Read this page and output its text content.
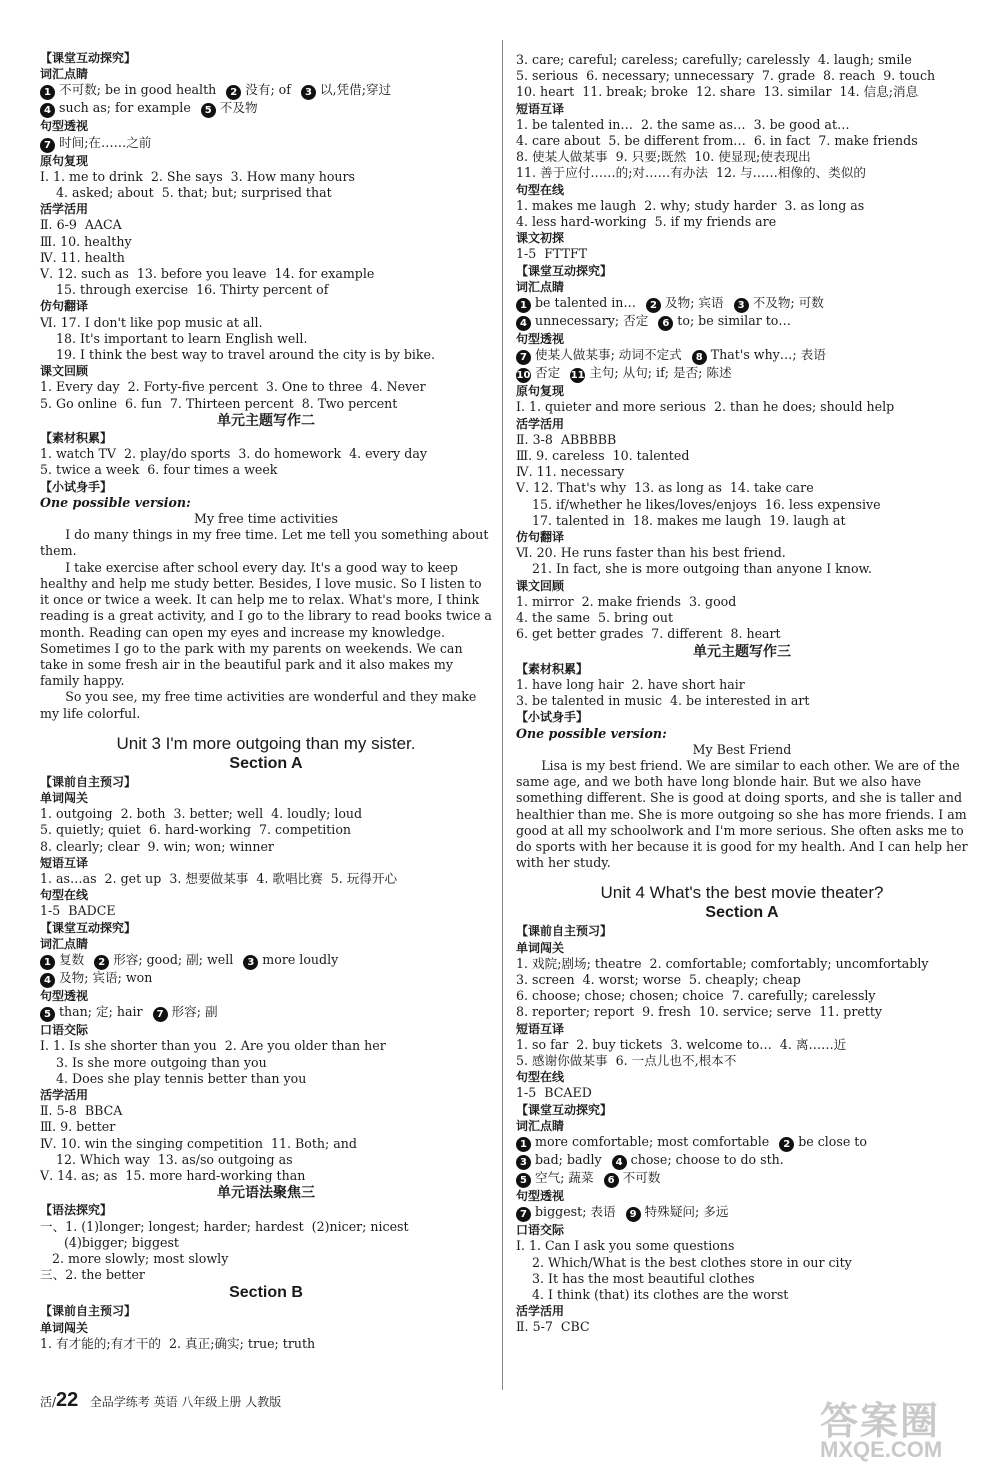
【课堂互动探究】
词汇点睛
1 不可数; be in good health 2 没有; of 3 以,凭借;穿过
4 such as; for example 5 不及物
句型透视
7 时间;在……之前
原句复现
Ⅰ. 1. me to drink  2. She says  3. How many hours
4. asked; about  5. that; but; surprised that
活学活用
Ⅱ. 6-9  AACA
Ⅲ. 10. healthy
Ⅳ. 11. health
Ⅴ. 12. such as  13. before you leave  14. for example
15. through exercise  16. Thirty percent of
仿句翻译
Ⅵ. 17. I don't like pop music at all.
18. It's important to learn English well.
19. I think the best way to travel around the city is by bike.
课文回顾
1. Every day  2. Forty-five percent  3. One to three  4. Never
5. Go online  6. fun  7. Thirteen percent  8. Two percent
单元主题写作二
【素材积累】
1. watch TV  2. play/do sports  3. do homework  4. every day
5. twice a week  6. four times a week
【小试身手】
One possible version:
My free time activities
I do many things in my free time. Let me tell you something about them.
I take exercise after school every day. It's a good way to keep healthy and help me study better. Besides, I love music. So I listen to it once or twice a week. It can help me to relax. What's more, I think reading is a great activity, and I go to the library to read books twice a month. Reading can open my eyes and increase my knowledge. Sometimes I go to the park with my parents on weekends. We can take in some fresh air in the beautiful park and it also makes my family happy.
So you see, my free time activities are wonderful and they make my life colorful.
Unit 3 I'm more outgoing than my sister.
Section A
【课前自主预习】
单词闯关
1. outgoing  2. both  3. better; well  4. loudly; loud
5. quietly; quiet  6. hard-working  7. competition
8. clearly; clear  9. win; won; winner
短语互译
1. as…as  2. get up  3. 想要做某事  4. 歌唱比赛  5. 玩得开心
句型在线
1-5  BADCE
【课堂互动探究】
词汇点睛
1 复数 2 形容; good; 副; well 3 more loudly
4 及物; 宾语; won
句型透视
5 than; 定; hair 7 形容; 副
口语交际
Ⅰ. 1. Is she shorter than you  2. Are you older than her
3. Is she more outgoing than you
4. Does she play tennis better than you
活学活用
Ⅱ. 5-8  BBCA
Ⅲ. 9. better
Ⅳ. 10. win the singing competition  11. Both; and
12. Which way  13. as/so outgoing as
Ⅴ. 14. as; as  15. more hard-working than
单元语法聚焦三
【语法探究】
一、1. (1)longer; longest; harder; hardest  (2)nicer; nicest
(4)bigger; biggest
2. more slowly; most slowly
三、2. the better
Section B
【课前自主预习】
单词闯关
1. 有才能的;有才干的  2. 真正;确实; true; truth
3. care; careful; careless; carefully; carelessly  4. laugh; smile
5. serious  6. necessary; unnecessary  7. grade  8. reach  9. touch
10. heart  11. break; broke  12. share  13. similar  14. 信息;消息
短语互译
1. be talented in…  2. the same as…  3. be good at…
4. care about  5. be different from…  6. in fact  7. make friends
8. 使某人做某事  9. 只要;既然  10. 使显现;使表现出
11. 善于应付……的;对……有办法  12. 与……相像的、类似的
句型在线
1. makes me laugh  2. why; study harder  3. as long as
4. less hard-working  5. if my friends are
课文初探
1-5  FTTFT
【课堂互动探究】
词汇点睛
1 be talented in… 2 及物; 宾语 3 不及物; 可数
4 unnecessary; 否定 6 to; be similar to…
句型透视
7 使某人做某事; 动词不定式 8 That's why…; 表语
10 否定 11 主句; 从句; if; 是否; 陈述
原句复现
Ⅰ. 1. quieter and more serious  2. than he does; should help
活学活用
Ⅱ. 3-8  ABBBBB
Ⅲ. 9. careless  10. talented
Ⅳ. 11. necessary
Ⅴ. 12. That's why  13. as long as  14. take care
15. if/whether he likes/loves/enjoys  16. less expensive
17. talented in  18. makes me laugh  19. laugh at
仿句翻译
Ⅵ. 20. He runs faster than his best friend.
21. In fact, she is more outgoing than anyone I know.
课文回顾
1. mirror  2. make friends  3. good
4. the same  5. bring out
6. get better grades  7. different  8. heart
单元主题写作三
【素材积累】
1. have long hair  2. have short hair
3. be talented in music  4. be interested in art
【小试身手】
One possible version:
My Best Friend
Lisa is my best friend. We are similar to each other. We are of the same age, and we both have long blonde hair. But we also have something different. She is good at doing sports, and she is taller and healthier than me. She is more outgoing so she has more friends. I am good at all my schoolwork and I'm more serious. She often asks me to do sports with her because it is good for my health. And I can help her with her study.
Unit 4 What's the best movie theater?
Section A
【课前自主预习】
单词闯关
1. 戏院;剧场; theatre  2. comfortable; comfortably; uncomfortably
3. screen  4. worst; worse  5. cheaply; cheap
6. choose; chose; chosen; choice  7. carefully; carelessly
8. reporter; report  9. fresh  10. service; serve  11. pretty
短语互译
1. so far  2. buy tickets  3. welcome to…  4. 离……近
5. 感谢你做某事  6. 一点儿也不,根本不
句型在线
1-5  BCAED
【课堂互动探究】
词汇点睛
1 more comfortable; most comfortable 2 be close to
3 bad; badly 4 chose; choose to do sth.
5 空气; 蔬菜 6 不可数
句型透视
7 biggest; 表语 9 特殊疑问; 多远
口语交际
Ⅰ. 1. Can I ask you some questions
2. Which/What is the best clothes store in our city
3. It has the most beautiful clothes
4. I think (that) its clothes are the worst
活学活用
Ⅱ. 5-7  CBC
活/22 全品学练考 英语 八年级上册 人教版	答案圈
MXQE.COM
